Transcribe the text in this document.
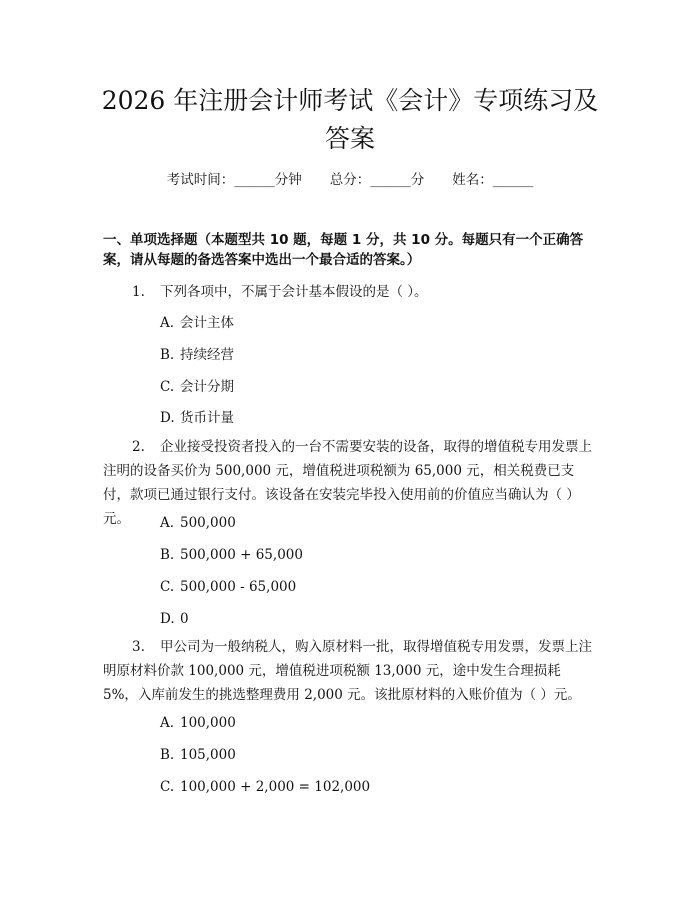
2026 年注册会计师考试《会计》专项练习及
答案
考试时间：______分钟 总分：______分 姓名：______
一、单项选择题（本题型共 10 题，每题 1 分，共 10 分。每题只有一个正确答
案，请从每题的备选答案中选出一个最合适的答案。）
1. 下列各项中，不属于会计基本假设的是（ ）。
A. 会计主体
B. 持续经营
C. 会计分期
D. 货币计量
2. 企业接受投资者投入的一台不需要安装的设备，取得的增值税专用发票上注明的设备买价为 500,000 元，增值税进项税额为 65,000 元，相关税费已支付，款项已通过银行支付。该设备在安装完毕投入使用前的价值应当确认为（ ）元。	A. 500,000
B. 500,000 + 65,000
C. 500,000 - 65,000
D. 0
3. 甲公司为一般纳税人，购入原材料一批，取得增值税专用发票，发票上注明原材料价款 100,000 元，增值税进项税额 13,000 元，途中发生合理损耗 5%，入库前发生的挑选整理费用 2,000 元。该批原材料的入账价值为（ ）元。
A. 100,000
B. 105,000
C. 100,000 + 2,000 = 102,000
